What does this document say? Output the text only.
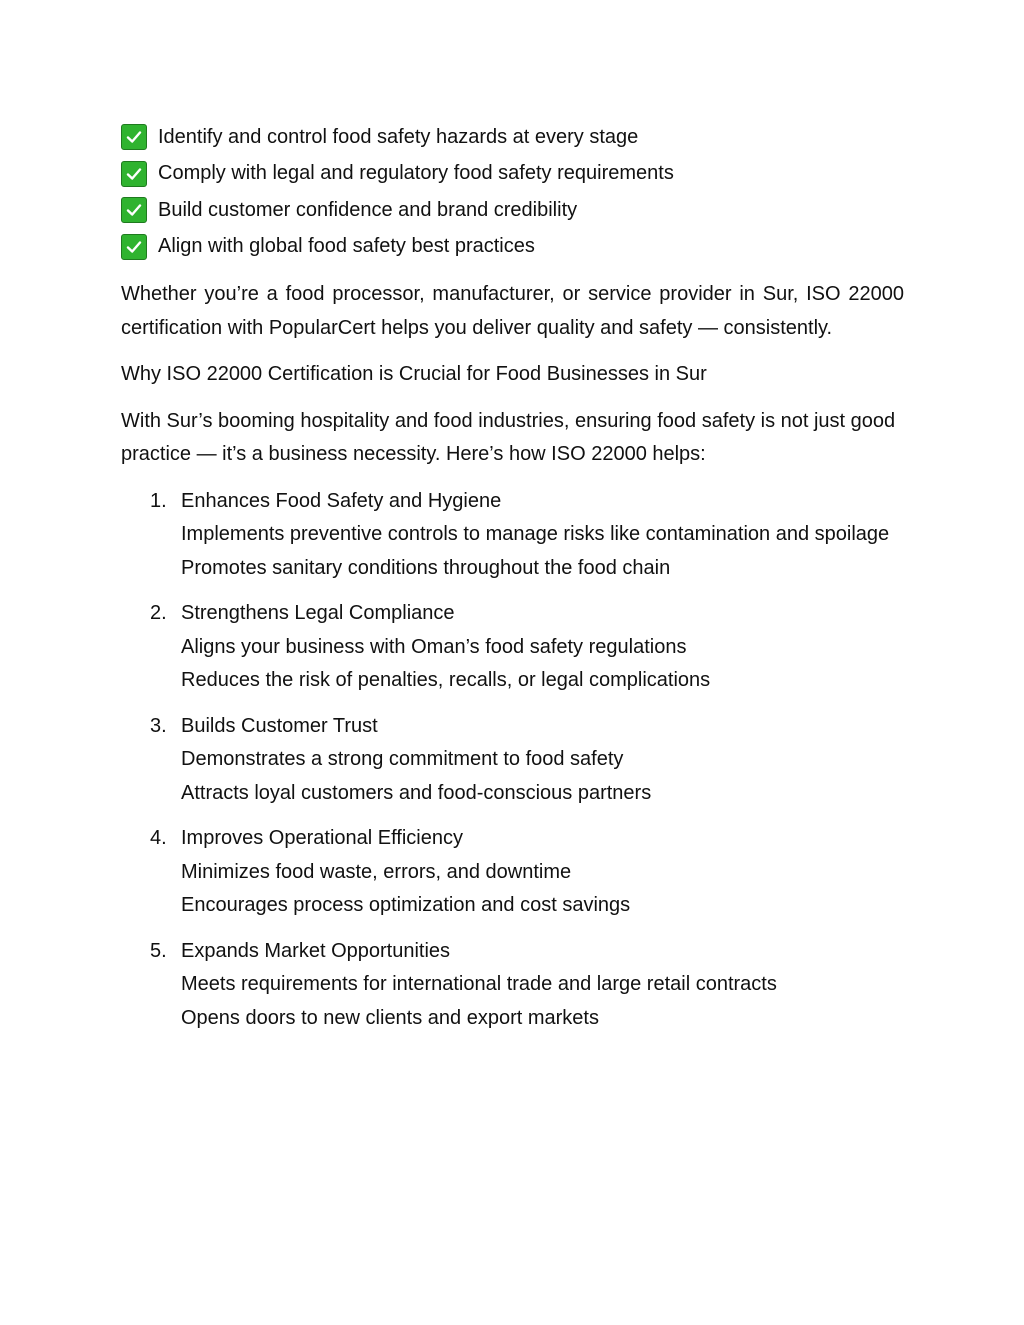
Identify and control food safety hazards at every stage
Comply with legal and regulatory food safety requirements
Build customer confidence and brand credibility
Align with global food safety best practices

Whether you’re a food processor, manufacturer, or service provider in Sur, ISO 22000 certification with PopularCert helps you deliver quality and safety — consistently.

Why ISO 22000 Certification is Crucial for Food Businesses in Sur

With Sur’s booming hospitality and food industries, ensuring food safety is not just good practice — it’s a business necessity. Here’s how ISO 22000 helps:

1. Enhances Food Safety and Hygiene
Implements preventive controls to manage risks like contamination and spoilage
Promotes sanitary conditions throughout the food chain
2. Strengthens Legal Compliance
Aligns your business with Oman’s food safety regulations
Reduces the risk of penalties, recalls, or legal complications
3. Builds Customer Trust
Demonstrates a strong commitment to food safety
Attracts loyal customers and food-conscious partners
4. Improves Operational Efficiency
Minimizes food waste, errors, and downtime
Encourages process optimization and cost savings
5. Expands Market Opportunities
Meets requirements for international trade and large retail contracts
Opens doors to new clients and export markets
